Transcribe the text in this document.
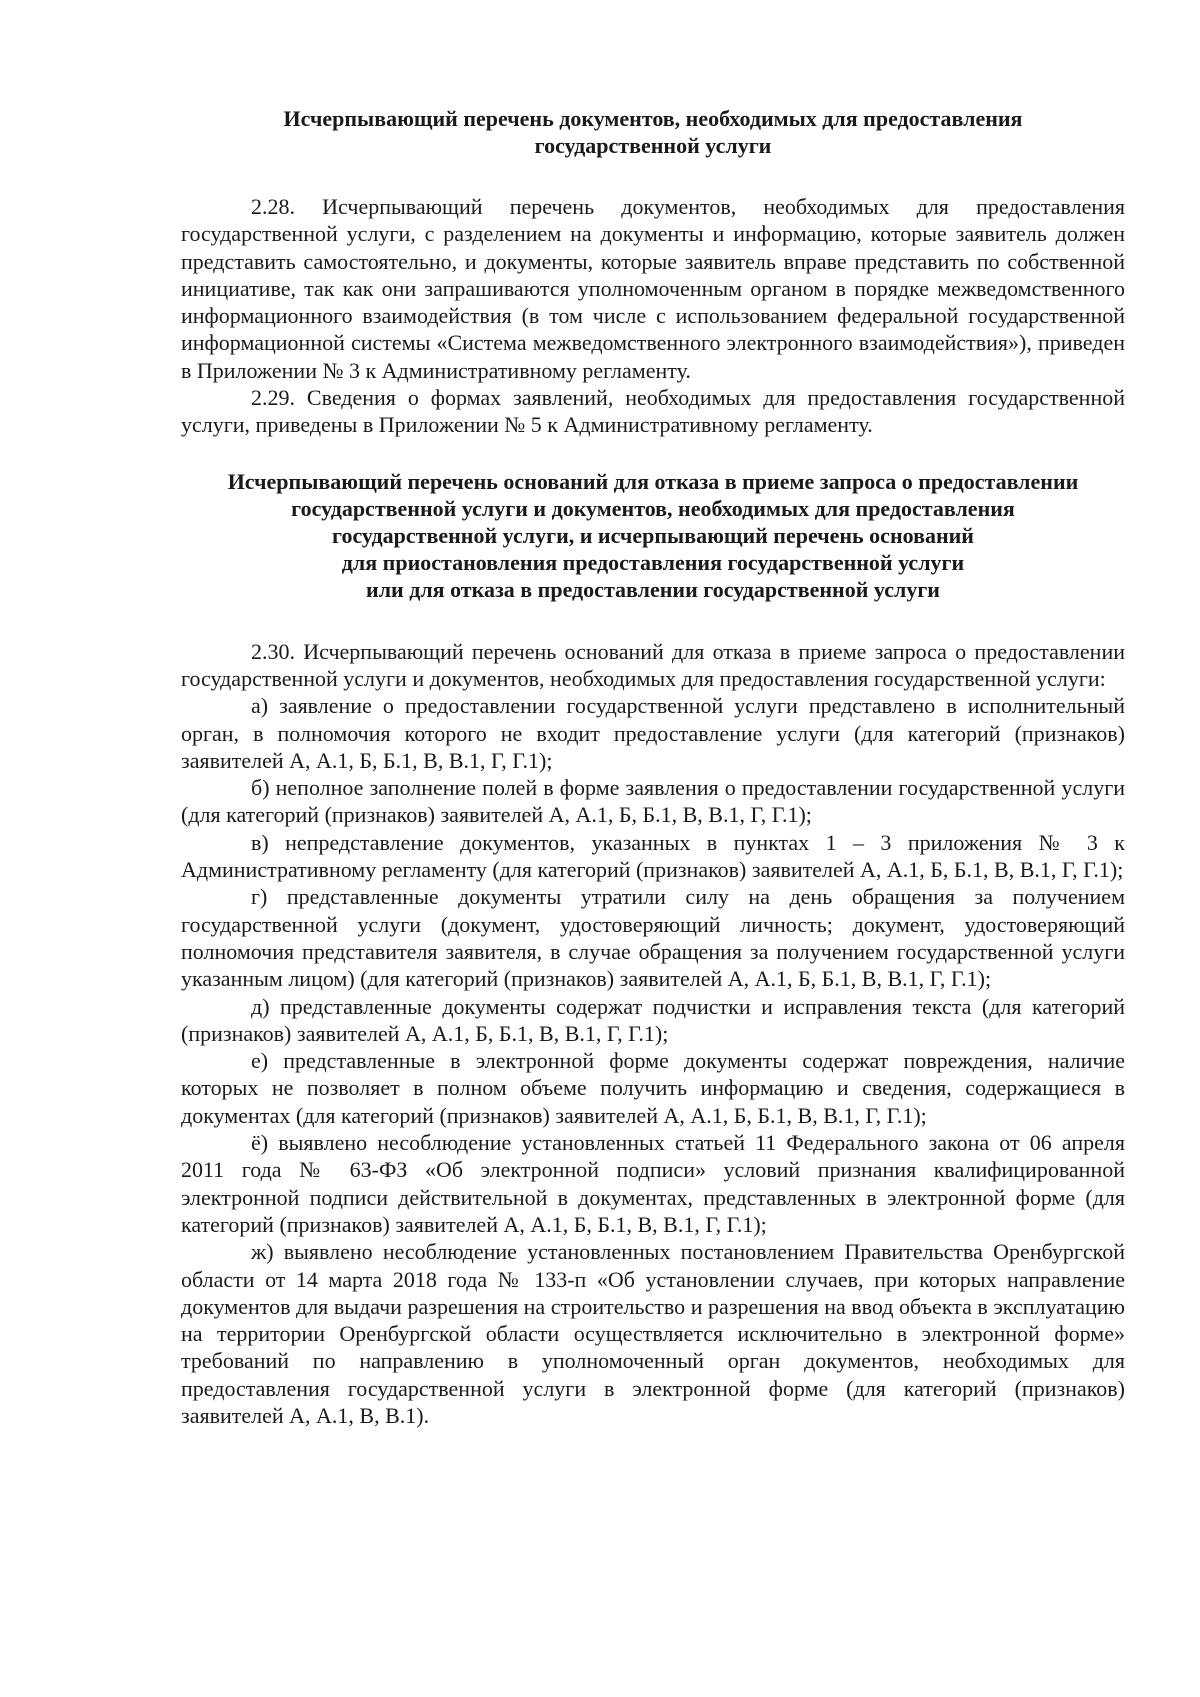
Исчерпывающий перечень документов, необходимых для предоставления
государственной услуги

2.28. Исчерпывающий перечень документов, необходимых для предоставления государственной услуги, с разделением на документы и информацию, которые заявитель должен представить самостоятельно, и документы, которые заявитель вправе представить по собственной инициативе, так как они запрашиваются уполномоченным органом в порядке межведомственного информационного взаимодействия (в том числе с использованием федеральной государственной информационной системы «Система межведомственного электронного взаимодействия»), приведен в Приложении № 3 к Административному регламенту.

2.29. Сведения о формах заявлений, необходимых для предоставления государственной услуги, приведены в Приложении № 5 к Административному регламенту.

Исчерпывающий перечень оснований для отказа в приеме запроса о предоставлении
государственной услуги и документов, необходимых для предоставления
государственной услуги, и исчерпывающий перечень оснований
для приостановления предоставления государственной услуги
или для отказа в предоставлении государственной услуги

2.30. Исчерпывающий перечень оснований для отказа в приеме запроса о предоставлении государственной услуги и документов, необходимых для предоставления государственной услуги:

а) заявление о предоставлении государственной услуги представлено в исполнительный орган, в полномочия которого не входит предоставление услуги (для категорий (признаков) заявителей А, А.1, Б, Б.1, В, В.1, Г, Г.1);

б) неполное заполнение полей в форме заявления о предоставлении государственной услуги (для категорий (признаков) заявителей А, А.1, Б, Б.1, В, В.1, Г, Г.1);

в) непредставление документов, указанных в пунктах 1 – 3 приложения № 3 к Административному регламенту (для категорий (признаков) заявителей А, А.1, Б, Б.1, В, В.1, Г, Г.1);

г) представленные документы утратили силу на день обращения за получением государственной услуги (документ, удостоверяющий личность; документ, удостоверяющий полномочия представителя заявителя, в случае обращения за получением государственной услуги указанным лицом) (для категорий (признаков) заявителей А, А.1, Б, Б.1, В, В.1, Г, Г.1);

д) представленные документы содержат подчистки и исправления текста (для категорий (признаков) заявителей А, А.1, Б, Б.1, В, В.1, Г, Г.1);

е) представленные в электронной форме документы содержат повреждения, наличие которых не позволяет в полном объеме получить информацию и сведения, содержащиеся в документах (для категорий (признаков) заявителей А, А.1, Б, Б.1, В, В.1, Г, Г.1);

ё) выявлено несоблюдение установленных статьей 11 Федерального закона от 06 апреля 2011 года № 63-ФЗ «Об электронной подписи» условий признания квалифицированной электронной подписи действительной в документах, представленных в электронной форме (для категорий (признаков) заявителей А, А.1, Б, Б.1, В, В.1, Г, Г.1);

ж) выявлено несоблюдение установленных постановлением Правительства Оренбургской области от 14 марта 2018 года № 133-п «Об установлении случаев, при которых направление документов для выдачи разрешения на строительство и разрешения на ввод объекта в эксплуатацию на территории Оренбургской области осуществляется исключительно в электронной форме» требований по направлению в уполномоченный орган документов, необходимых для предоставления государственной услуги в электронной форме (для категорий (признаков) заявителей А, А.1, В, В.1).
